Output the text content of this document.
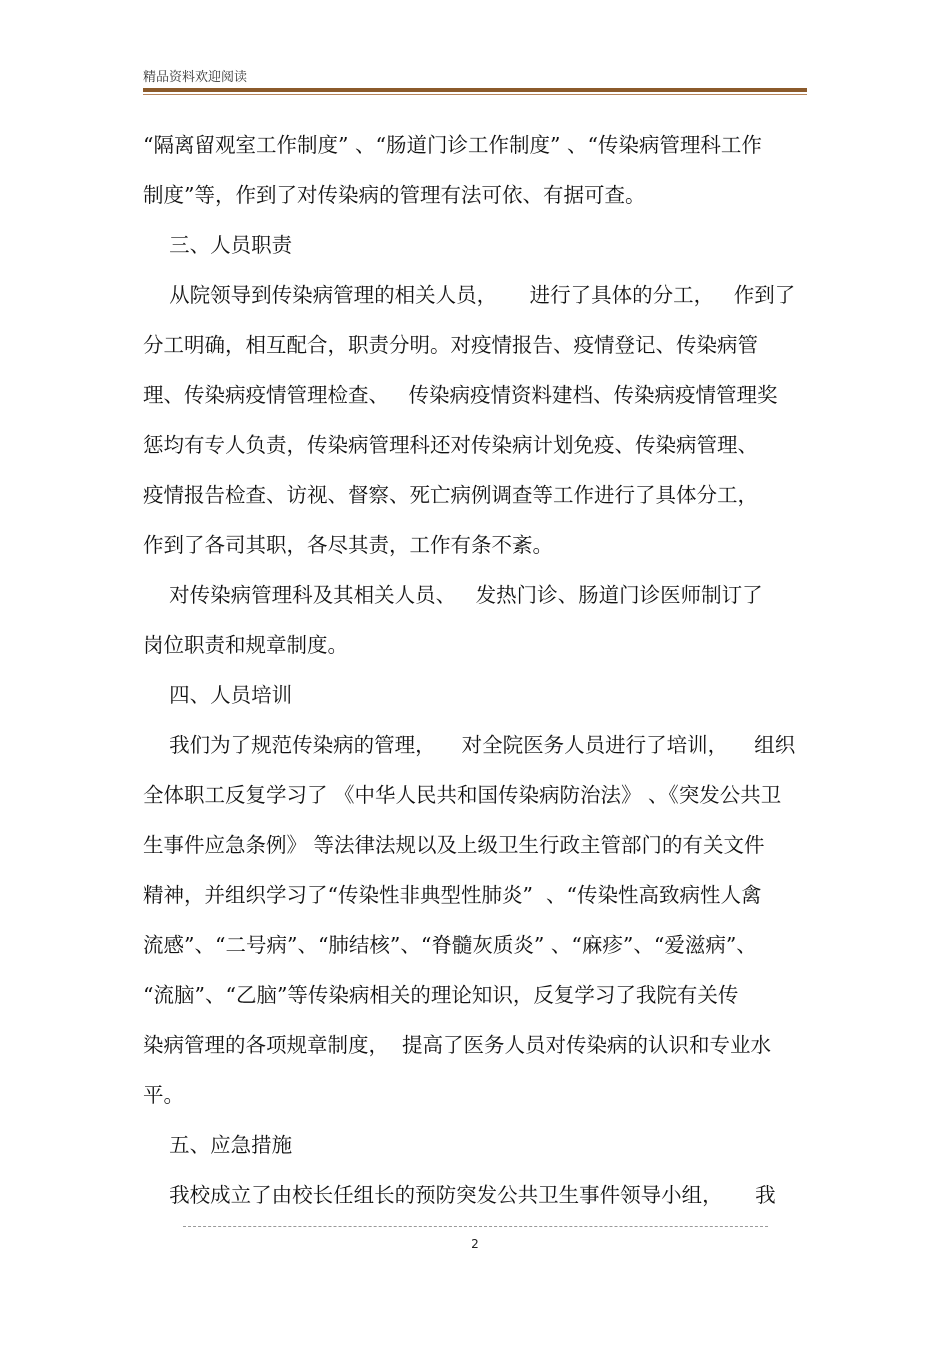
精品资料欢迎阅读
“隔离留观室工作制度” 、“肠道门诊工作制度” 、“传染病管理科工作
制度”等，作到了对传染病的管理有法可依、有据可查。
三、人员职责
从院领导到传染病管理的相关人员，     进行了具体的分工，   作到了
分工明确，相互配合，职责分明。对疫情报告、疫情登记、传染病管
理、传染病疫情管理检查、   传染病疫情资料建档、传染病疫情管理奖
惩均有专人负责，传染病管理科还对传染病计划免疫、传染病管理、
疫情报告检查、访视、督察、死亡病例调查等工作进行了具体分工，
作到了各司其职，各尽其责，工作有条不紊。
对传染病管理科及其相关人员、   发热门诊、肠道门诊医师制订了
岗位职责和规章制度。
四、人员培训
我们为了规范传染病的管理，    对全院医务人员进行了培训，    组织
全体职工反复学习了 《中华人民共和国传染病防治法》 、《突发公共卫
生事件应急条例》 等法律法规以及上级卫生行政主管部门的有关文件
精神，并组织学习了“传染性非典型性肺炎”  、“传染性高致病性人禽
流感”、“二号病”、“肺结核”、“脊髓灰质炎” 、“麻疹”、“爱滋病”、
“流脑”、“乙脑”等传染病相关的理论知识，反复学习了我院有关传
染病管理的各项规章制度，  提高了医务人员对传染病的认识和专业水
平。
五、应急措施
我校成立了由校长任组长的预防突发公共卫生事件领导小组，     我
2
